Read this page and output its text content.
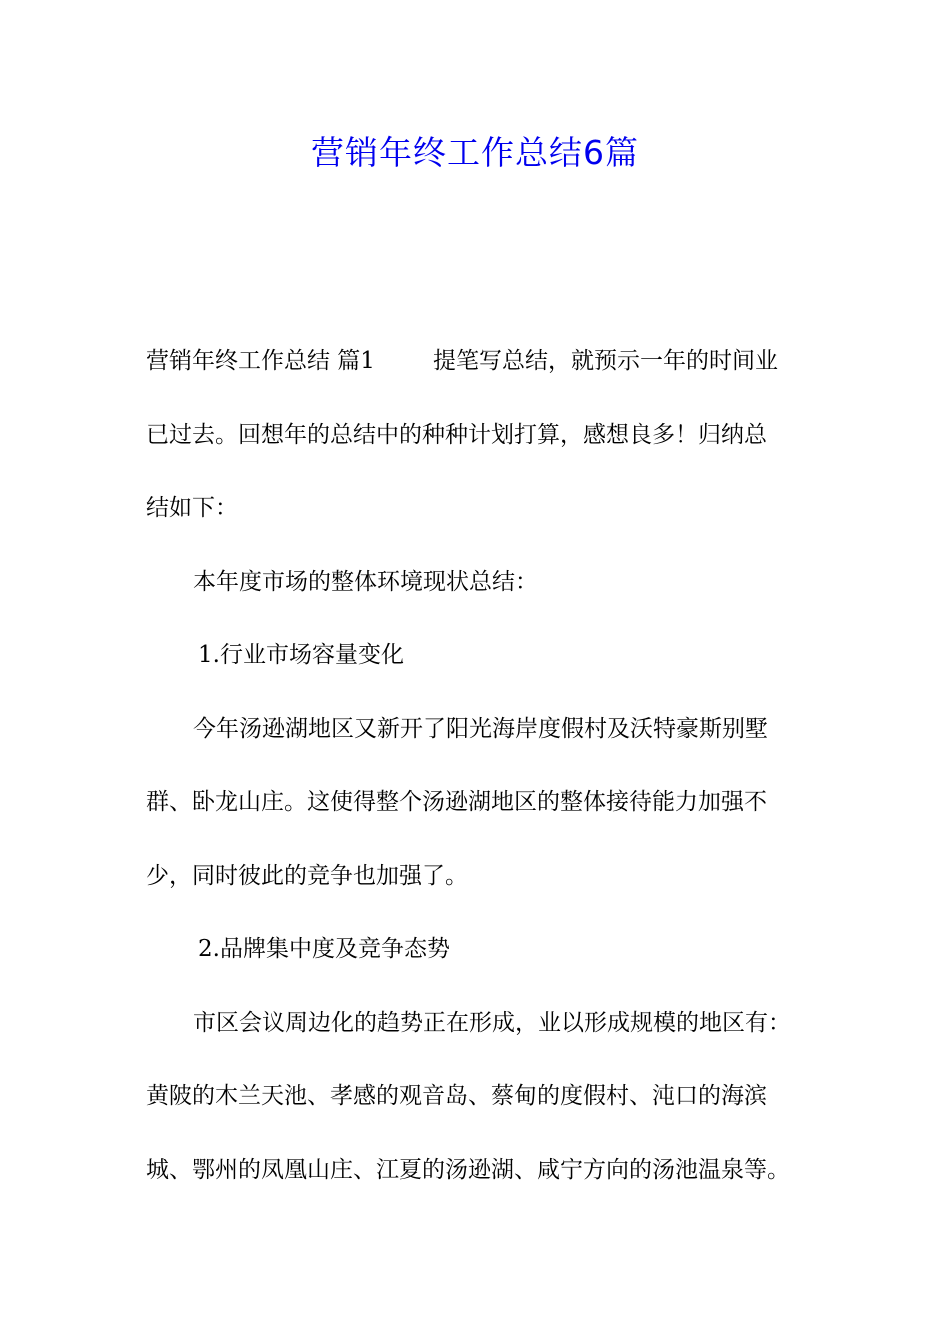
营销年终工作总结6篇
营销年终工作总结 篇1	提笔写总结，就预示一年的时间业
已过去。回想年的总结中的种种计划打算，感想良多！归纳总
结如下：
本年度市场的整体环境现状总结：
1.行业市场容量变化
今年汤逊湖地区又新开了阳光海岸度假村及沃特豪斯别墅
群、卧龙山庄。这使得整个汤逊湖地区的整体接待能力加强不
少，同时彼此的竞争也加强了。
2.品牌集中度及竞争态势
市区会议周边化的趋势正在形成，业以形成规模的地区有：
黄陂的木兰天池、孝感的观音岛、蔡甸的度假村、沌口的海滨
城、鄂州的凤凰山庄、江夏的汤逊湖、咸宁方向的汤池温泉等。
